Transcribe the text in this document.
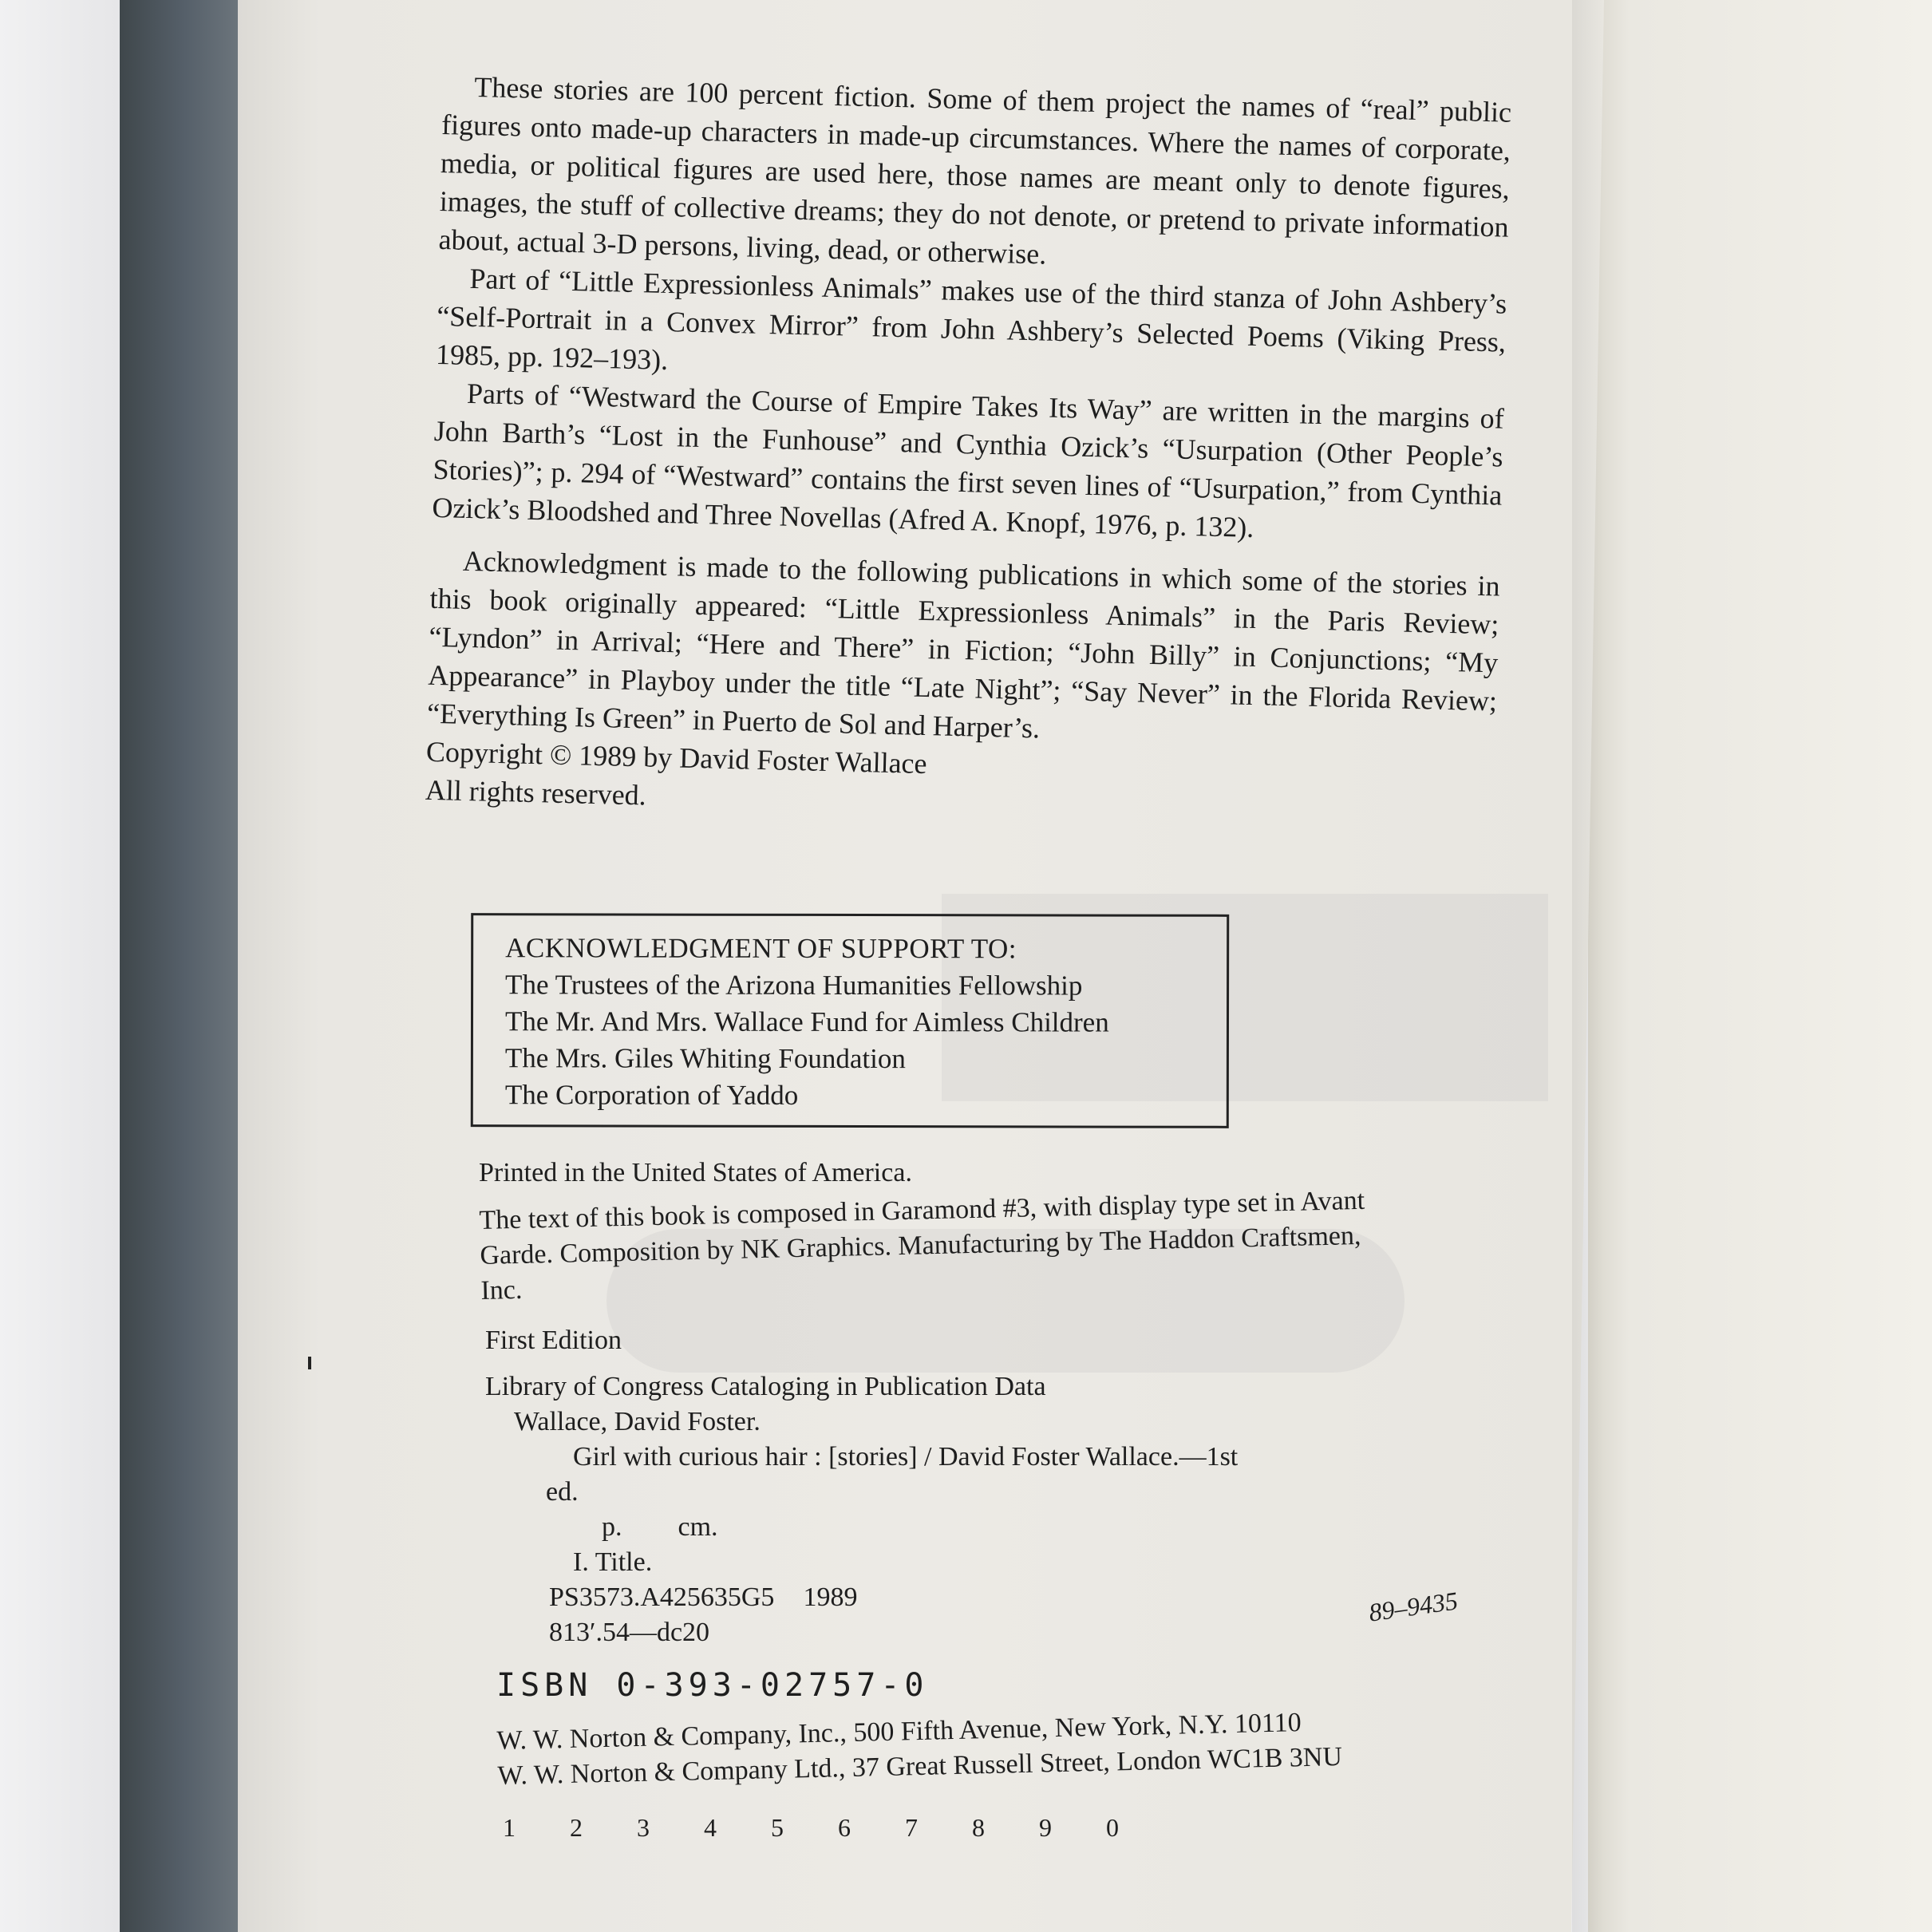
These stories are 100 percent fiction. Some of them project the names of “real” public figures onto made-up characters in made-up circumstances. Where the names of corporate, media, or political figures are used here, those names are meant only to denote figures, images, the stuff of collective dreams; they do not denote, or pretend to private information about, actual 3-D persons, living, dead, or otherwise.

Part of “Little Expressionless Animals” makes use of the third stanza of John Ashbery’s “Self-Portrait in a Convex Mirror” from John Ashbery’s Selected Poems (Viking Press, 1985, pp. 192–193).

Parts of “Westward the Course of Empire Takes Its Way” are written in the margins of John Barth’s “Lost in the Funhouse” and Cynthia Ozick’s “Usurpation (Other People’s Stories)”; p. 294 of “Westward” contains the first seven lines of “Usurpation,” from Cynthia Ozick’s Bloodshed and Three Novellas (Afred A. Knopf, 1976, p. 132).

Acknowledgment is made to the following publications in which some of the stories in this book originally appeared: “Little Expressionless Animals” in the Paris Review; “Lyndon” in Arrival; “Here and There” in Fiction; “John Billy” in Conjunctions; “My Appearance” in Playboy under the title “Late Night”; “Say Never” in the Florida Review; “Everything Is Green” in Puerto de Sol and Harper’s.

Copyright © 1989 by David Foster Wallace

All rights reserved.

ACKNOWLEDGMENT OF SUPPORT TO:

The Trustees of the Arizona Humanities Fellowship

The Mr. And Mrs. Wallace Fund for Aimless Children

The Mrs. Giles Whiting Foundation

The Corporation of Yaddo

Printed in the United States of America.

The text of this book is composed in Garamond #3, with display type set in Avant

Garde. Composition by NK Graphics. Manufacturing by The Haddon Craftsmen,

Inc.

First Edition

Library of Congress Cataloging in Publication Data

Wallace, David Foster.

Girl with curious hair : [stories] / David Foster Wallace.—1st

ed.

p. cm.

I. Title.

PS3573.A425635G5 1989

813′.54—dc20

ISBN 0-393-02757-0

W. W. Norton & Company, Inc., 500 Fifth Avenue, New York, N.Y. 10110

W. W. Norton & Company Ltd., 37 Great Russell Street, London WC1B 3NU

1 2 3 4 5 6 7 8 9 0

89–9435
